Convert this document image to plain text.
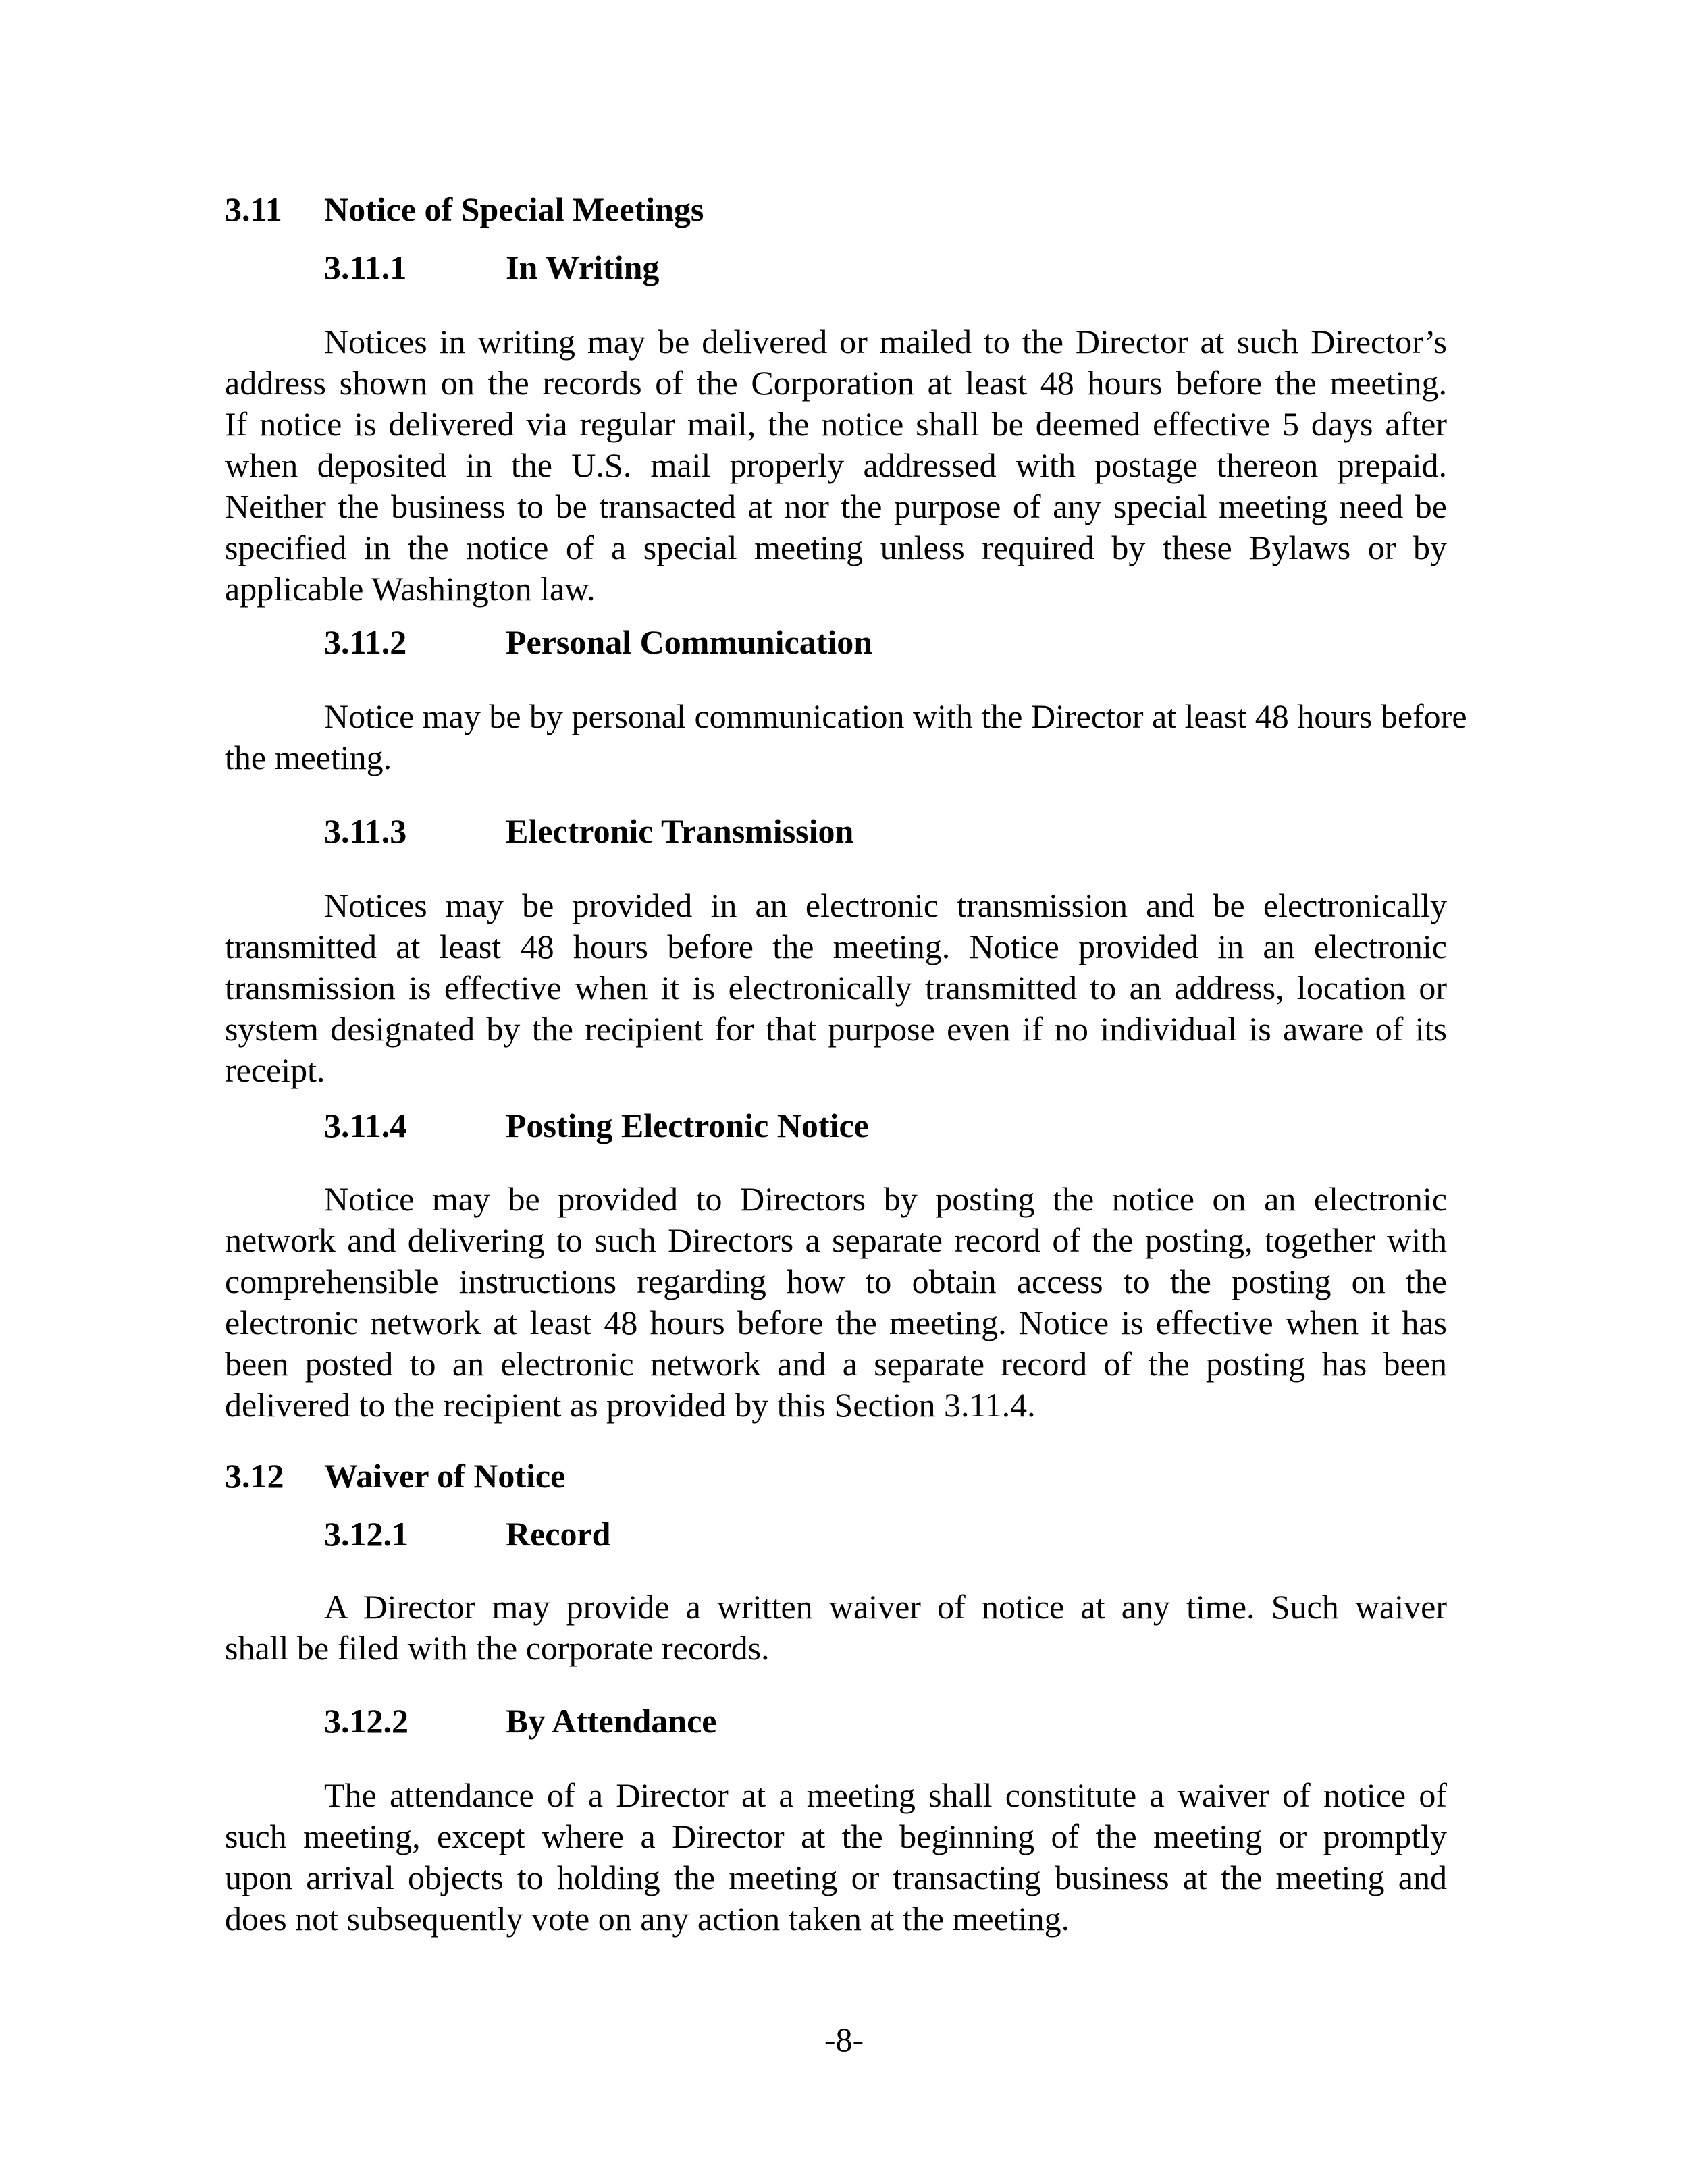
3.11 Notice of Special Meetings
3.11.1	In Writing
Notices in writing may be delivered or mailed to the Director at such Director’s
address shown on the records of the Corporation at least 48 hours before the meeting.
If notice is delivered via regular mail, the notice shall be deemed effective 5 days after
when deposited in the U.S. mail properly addressed with postage thereon prepaid.
Neither the business to be transacted at nor the purpose of any special meeting need be
specified in the notice of a special meeting unless required by these Bylaws or by
applicable Washington law.
3.11.2	Personal Communication
Notice may be by personal communication with the Director at least 48 hours before
the meeting.
3.11.3	Electronic Transmission
Notices may be provided in an electronic transmission and be electronically
transmitted at least 48 hours before the meeting. Notice provided in an electronic
transmission is effective when it is electronically transmitted to an address, location or
system designated by the recipient for that purpose even if no individual is aware of its
receipt.
3.11.4	Posting Electronic Notice
Notice may be provided to Directors by posting the notice on an electronic
network and delivering to such Directors a separate record of the posting, together with
comprehensible instructions regarding how to obtain access to the posting on the
electronic network at least 48 hours before the meeting. Notice is effective when it has
been posted to an electronic network and a separate record of the posting has been
delivered to the recipient as provided by this Section 3.11.4.
3.12 Waiver of Notice
3.12.1	Record
A Director may provide a written waiver of notice at any time. Such waiver
shall be filed with the corporate records.
3.12.2	By Attendance
The attendance of a Director at a meeting shall constitute a waiver of notice of
such meeting, except where a Director at the beginning of the meeting or promptly
upon arrival objects to holding the meeting or transacting business at the meeting and
does not subsequently vote on any action taken at the meeting.
-8-
